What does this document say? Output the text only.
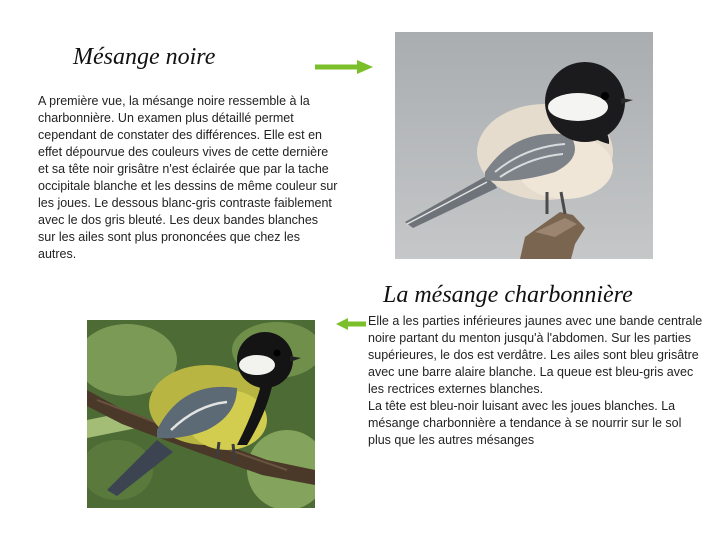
Mésange noire
A première vue, la mésange noire ressemble à la charbonnière. Un examen plus détaillé permet cependant de constater des différences. Elle est en effet dépourvue des couleurs vives de cette dernière et sa tête noir grisâtre n'est éclairée que par la tache occipitale blanche et les dessins de même couleur sur les joues. Le dessous blanc-gris contraste faiblement avec le dos gris bleuté. Les deux bandes blanches sur les ailes sont plus prononcées que chez les autres.
La mésange charbonnière
Elle a les parties inférieures jaunes avec une bande centrale noire partant du menton jusqu'à l'abdomen. Sur les parties supérieures, le dos est verdâtre. Les ailes sont bleu grisâtre avec une barre alaire blanche. La queue est bleu-gris avec les rectrices externes blanches.
La tête est bleu-noir luisant avec les joues blanches. La mésange charbonnière a tendance à se nourrir sur le sol plus que les autres mésanges
